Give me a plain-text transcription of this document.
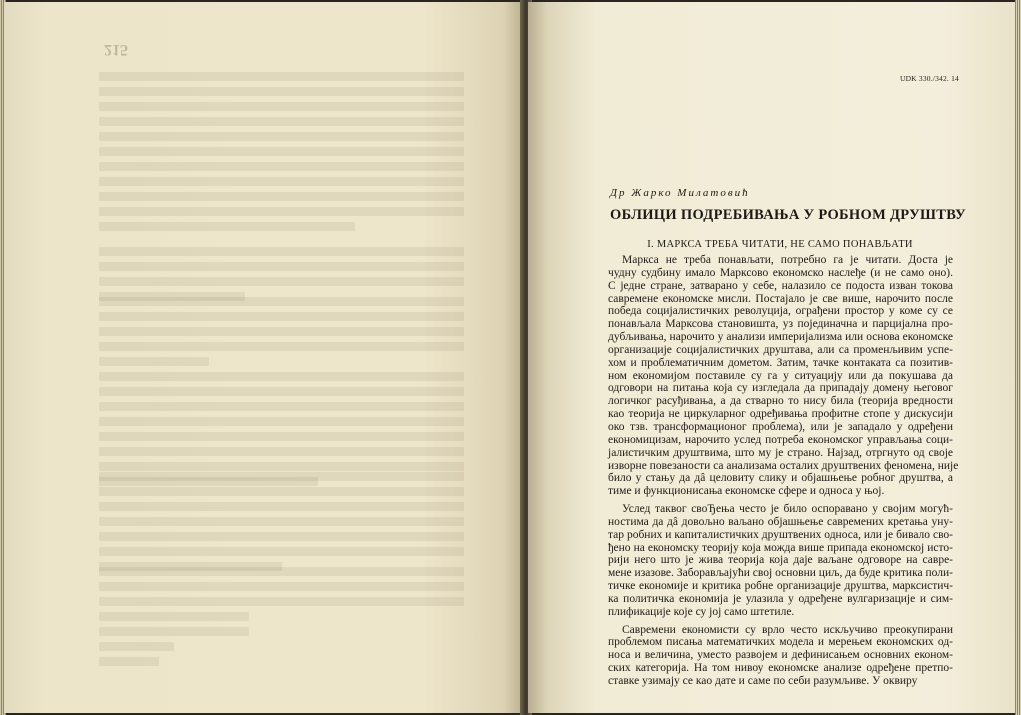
215
UDK 330./342. 14
Др Жарко Милатовић
ОБЛИЦИ ПОДРЕБИВАЊА У РОБНОМ ДРУШТВУ
I. МАРКСА ТРЕБА ЧИТАТИ, НЕ САМО ПОНАВЉАТИ
Маркса не треба понављати, потребно га је читати. Доста је
чудну судбину имало Марксово економско наслеђе (и не само оно).
С једне стране, затварано у себе, налазило се подоста изван токова
савремене економске мисли. Постајало је све више, нарочито после
победа социјалистичких револуција, ограђени простор у коме су се
понављала Марксова становишта, уз појединачна и парцијална про-
дубљивања, нарочито у анализи империјализма или основа економске
организације социјалистичких друштава, али са променљивим успе-
хом и проблематичним дометом. Затим, тачке контаката са позитив-
ном економијом поставиле су га у ситуацију или да покушава да
одговори на питања која су изгледала да припадају домену његовог
логичког расуђивања, а да стварно то нису била (теорија вредности
као теорија не циркуларног одређивања профитне стопе у дискусији
око тзв. трансформационог проблема), или је западало у одређени
економицизам, нарочито услед потреба економског управљања соци-
јалистичким друштвима, што му је страно. Најзад, отргнуто од своје
изворне повезаности са анализама осталих друштвених феномена, није
било у стању да дâ целовиту слику и објашњење робног друштва, а
тиме и функционисања економске сфере и односа у њој.
Услед таквог своЂења често је било оспоравано у својим могућ-
ностима да дâ довољно ваљано објашњење савремених кретања уну-
тар робних и капиталистичких друштвених односа, или је бивало сво-
ђено на економску теорију која можда више припада економској исто-
рији него што је жива теорија која даје ваљане одговоре на савре-
мене изазове. Заборављајући свој основни циљ, да буде критика поли-
тичке економије и критика робне организације друштва, марксистич-
ка политичка економија је улазила у одређене вулгаризације и сим-
плификације које су јој само штетиле.
Савремени економисти су врло често искључиво преокупирани
проблемом писања математичких модела и мерењем економских од-
носа и величина, уместо развојем и дефинисањем основних економ-
ских категорија. На том нивоу економске анализе одређене претпо-
ставке узимају се као дате и саме по себи разумљиве. У оквиру
